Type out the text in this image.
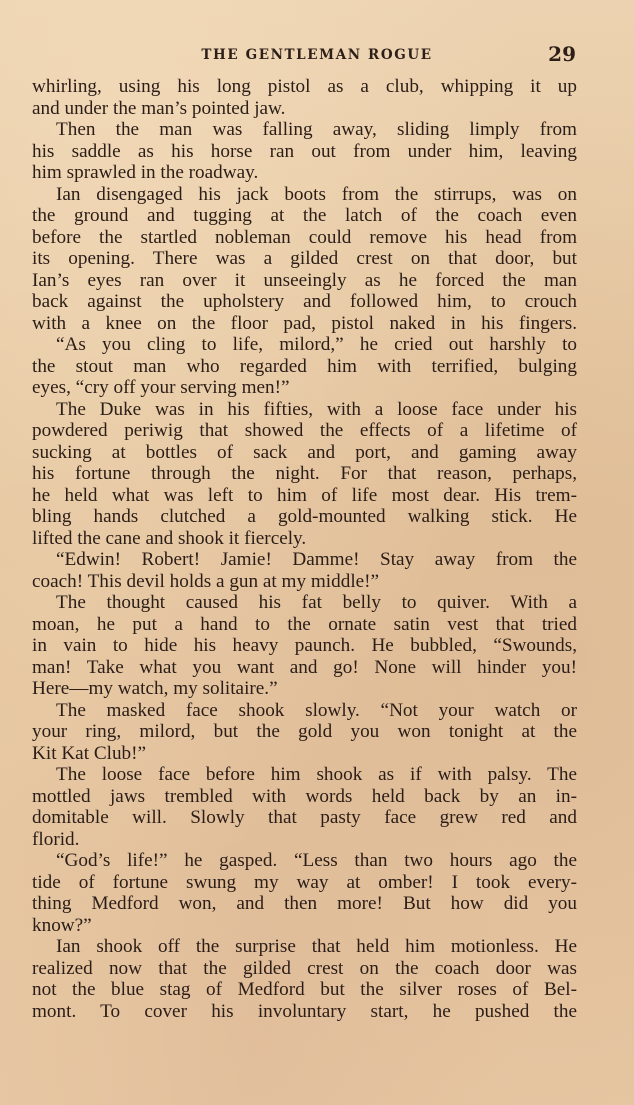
THE GENTLEMAN ROGUE	29
whirling, using his long pistol as a club, whipping it up
and under the man’s pointed jaw.
Then the man was falling away, sliding limply from
his saddle as his horse ran out from under him, leaving
him sprawled in the roadway.
Ian disengaged his jack boots from the stirrups, was on
the ground and tugging at the latch of the coach even
before the startled nobleman could remove his head from
its opening. There was a gilded crest on that door, but
Ian’s eyes ran over it unseeingly as he forced the man
back against the upholstery and followed him, to crouch
with a knee on the floor pad, pistol naked in his fingers.
“As you cling to life, milord,” he cried out harshly to
the stout man who regarded him with terrified, bulging
eyes, “cry off your serving men!”
The Duke was in his fifties, with a loose face under his
powdered periwig that showed the effects of a lifetime of
sucking at bottles of sack and port, and gaming away
his fortune through the night. For that reason, perhaps,
he held what was left to him of life most dear. His trem-
bling hands clutched a gold-mounted walking stick. He
lifted the cane and shook it fiercely.
“Edwin! Robert! Jamie! Damme! Stay away from the
coach! This devil holds a gun at my middle!”
The thought caused his fat belly to quiver. With a
moan, he put a hand to the ornate satin vest that tried
in vain to hide his heavy paunch. He bubbled, “Swounds,
man! Take what you want and go! None will hinder you!
Here—my watch, my solitaire.”
The masked face shook slowly. “Not your watch or
your ring, milord, but the gold you won tonight at the
Kit Kat Club!”
The loose face before him shook as if with palsy. The
mottled jaws trembled with words held back by an in-
domitable will. Slowly that pasty face grew red and
florid.
“God’s life!” he gasped. “Less than two hours ago the
tide of fortune swung my way at omber! I took every-
thing Medford won, and then more! But how did you
know?”
Ian shook off the surprise that held him motionless. He
realized now that the gilded crest on the coach door was
not the blue stag of Medford but the silver roses of Bel-
mont. To cover his involuntary start, he pushed the
